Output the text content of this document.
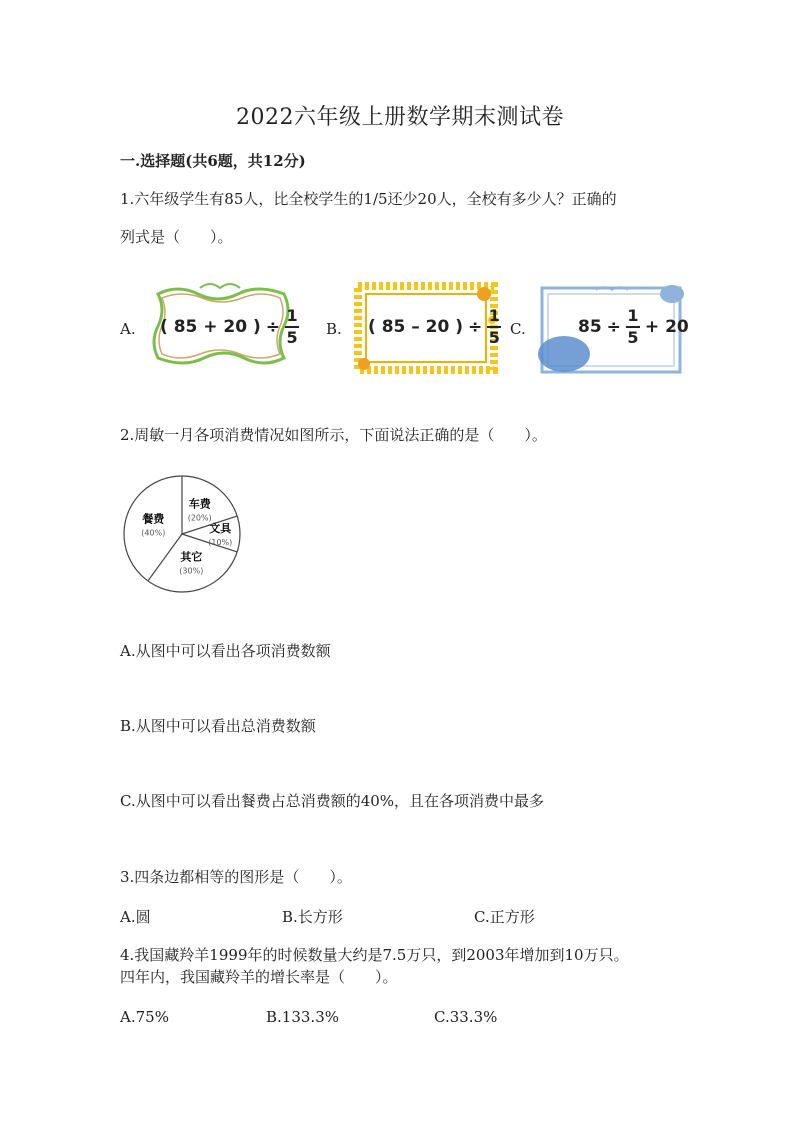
2022六年级上册数学期末测试卷
一.选择题(共6题，共12分)
1.六年级学生有85人，比全校学生的1/5还少20人，全校有多少人？正确的
列式是（　　）。
A. ( 85 + 20 ) ÷ $\frac{1}{5} B$. ( 85 – 20 ) ÷ $\frac{1}{5} C$.	$85 \div \frac{1}{5} + 20$
2.周敏一月各项消费情况如图所示，下面说法正确的是（　　）。
车费
(20%)
文具
(10%)
其它
(30%)
餐费
(40%)
A.从图中可以看出各项消费数额
B.从图中可以看出总消费数额
C.从图中可以看出餐费占总消费额的40%，且在各项消费中最多
3.四条边都相等的图形是（　　）。
A.圆	B.长方形	C.正方形
4.我国藏羚羊1999年的时候数量大约是7.5万只，到2003年增加到10万只。
四年内，我国藏羚羊的增长率是（　　）。
A.75%	B.133.3%	C.33.3%
